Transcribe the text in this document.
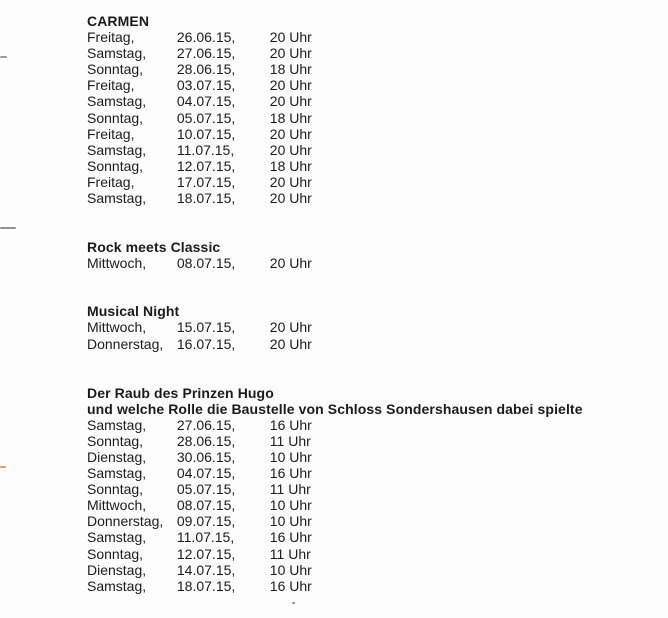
CARMEN
Freitag,	26.06.15, 20 Uhr
Samstag, 27.06.15, 20 Uhr
Sonntag, 28.06.15, 18 Uhr
Freitag,	03.07.15, 20 Uhr
Samstag, 04.07.15, 20 Uhr
Sonntag, 05.07.15, 18 Uhr
Freitag,	10.07.15, 20 Uhr
Samstag, 11.07.15,	20 Uhr
Sonntag, 12.07.15, 18 Uhr
Freitag,	17.07.15, 20 Uhr
Samstag, 18.07.15, 20 Uhr
Rock meets Classic
Mittwoch, 08.07.15, 20 Uhr
Musical Night
Mittwoch, 15.07.15, 20 Uhr
Donnerstag, 16.07.15, 20 Uhr
Der Raub des Prinzen Hugo
und welche Rolle die Baustelle von Schloss Sondershausen dabei spielte
Samstag, 27.06.15, 16 Uhr
Sonntag, 28.06.15, 11 Uhr
Dienstag, 30.06.15, 10 Uhr
Samstag, 04.07.15, 16 Uhr
Sonntag, 05.07.15, 11 Uhr
Mittwoch, 08.07.15, 10 Uhr
Donnerstag, 09.07.15, 10 Uhr
Samstag, 11.07.15,	16 Uhr
Sonntag, 12.07.15, 11 Uhr
Dienstag, 14.07.15, 10 Uhr
Samstag, 18.07.15, 16 Uhr
